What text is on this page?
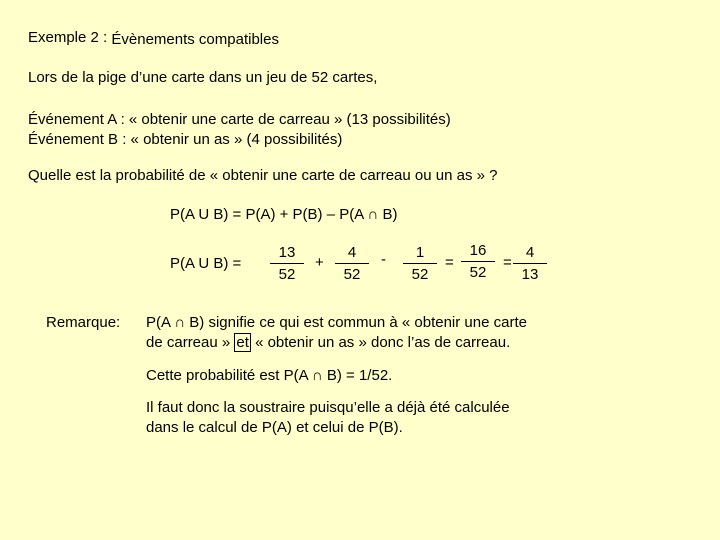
Exemple 2 : Évènements compatibles
Lors de la pige d’une carte dans un jeu de 52 cartes,
Événement A : « obtenir une carte de carreau » (13 possibilités)
Événement B : « obtenir un as » (4 possibilités)
Quelle est la probabilité de « obtenir une carte de carreau ou un as » ?
P(A U B) = P(A) + P(B) – P(A ∩ B)
P(A U B) =
13
52
+
4
52
-	1
52
=
16
52
=
4
13
Remarque: P(A ∩ B) signifie ce qui est commun à « obtenir une carte
de carreau » et « obtenir un as » donc l’as de carreau.
Cette probabilité est P(A ∩ B) = 1/52.
Il faut donc la soustraire puisqu’elle a déjà été calculée
dans le calcul de P(A) et celui de P(B).
